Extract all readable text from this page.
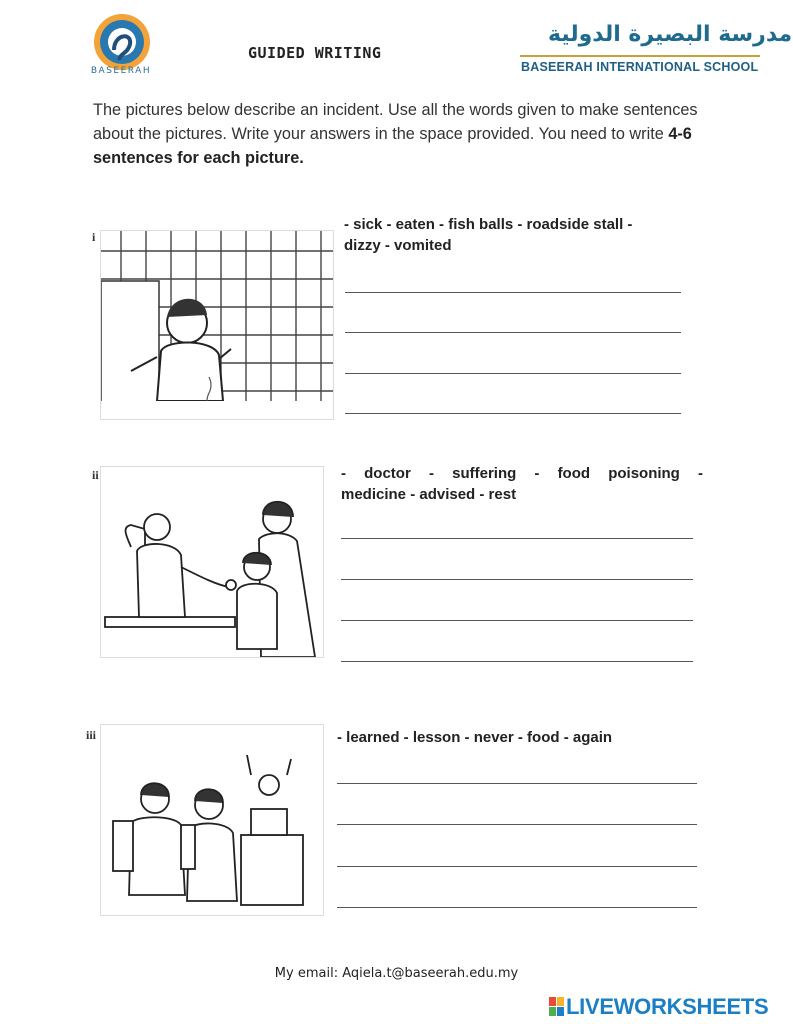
BASEERAH
GUIDED WRITING
مدرسة البصيرة الدولية
BASEERAH INTERNATIONAL SCHOOL
The pictures below describe an incident. Use all the words given to make sentences about the pictures. Write your answers in the space provided. You need to write 4-6 sentences for each picture.
i
- sick - eaten - fish balls - roadside stall -
dizzy - vomited
ii	- doctor - suffering - food poisoning -
medicine - advised - rest
iii	- learned - lesson - never - food - again
My email: Aqiela.t@baseerah.edu.my
LIVEWORKSHEETS
